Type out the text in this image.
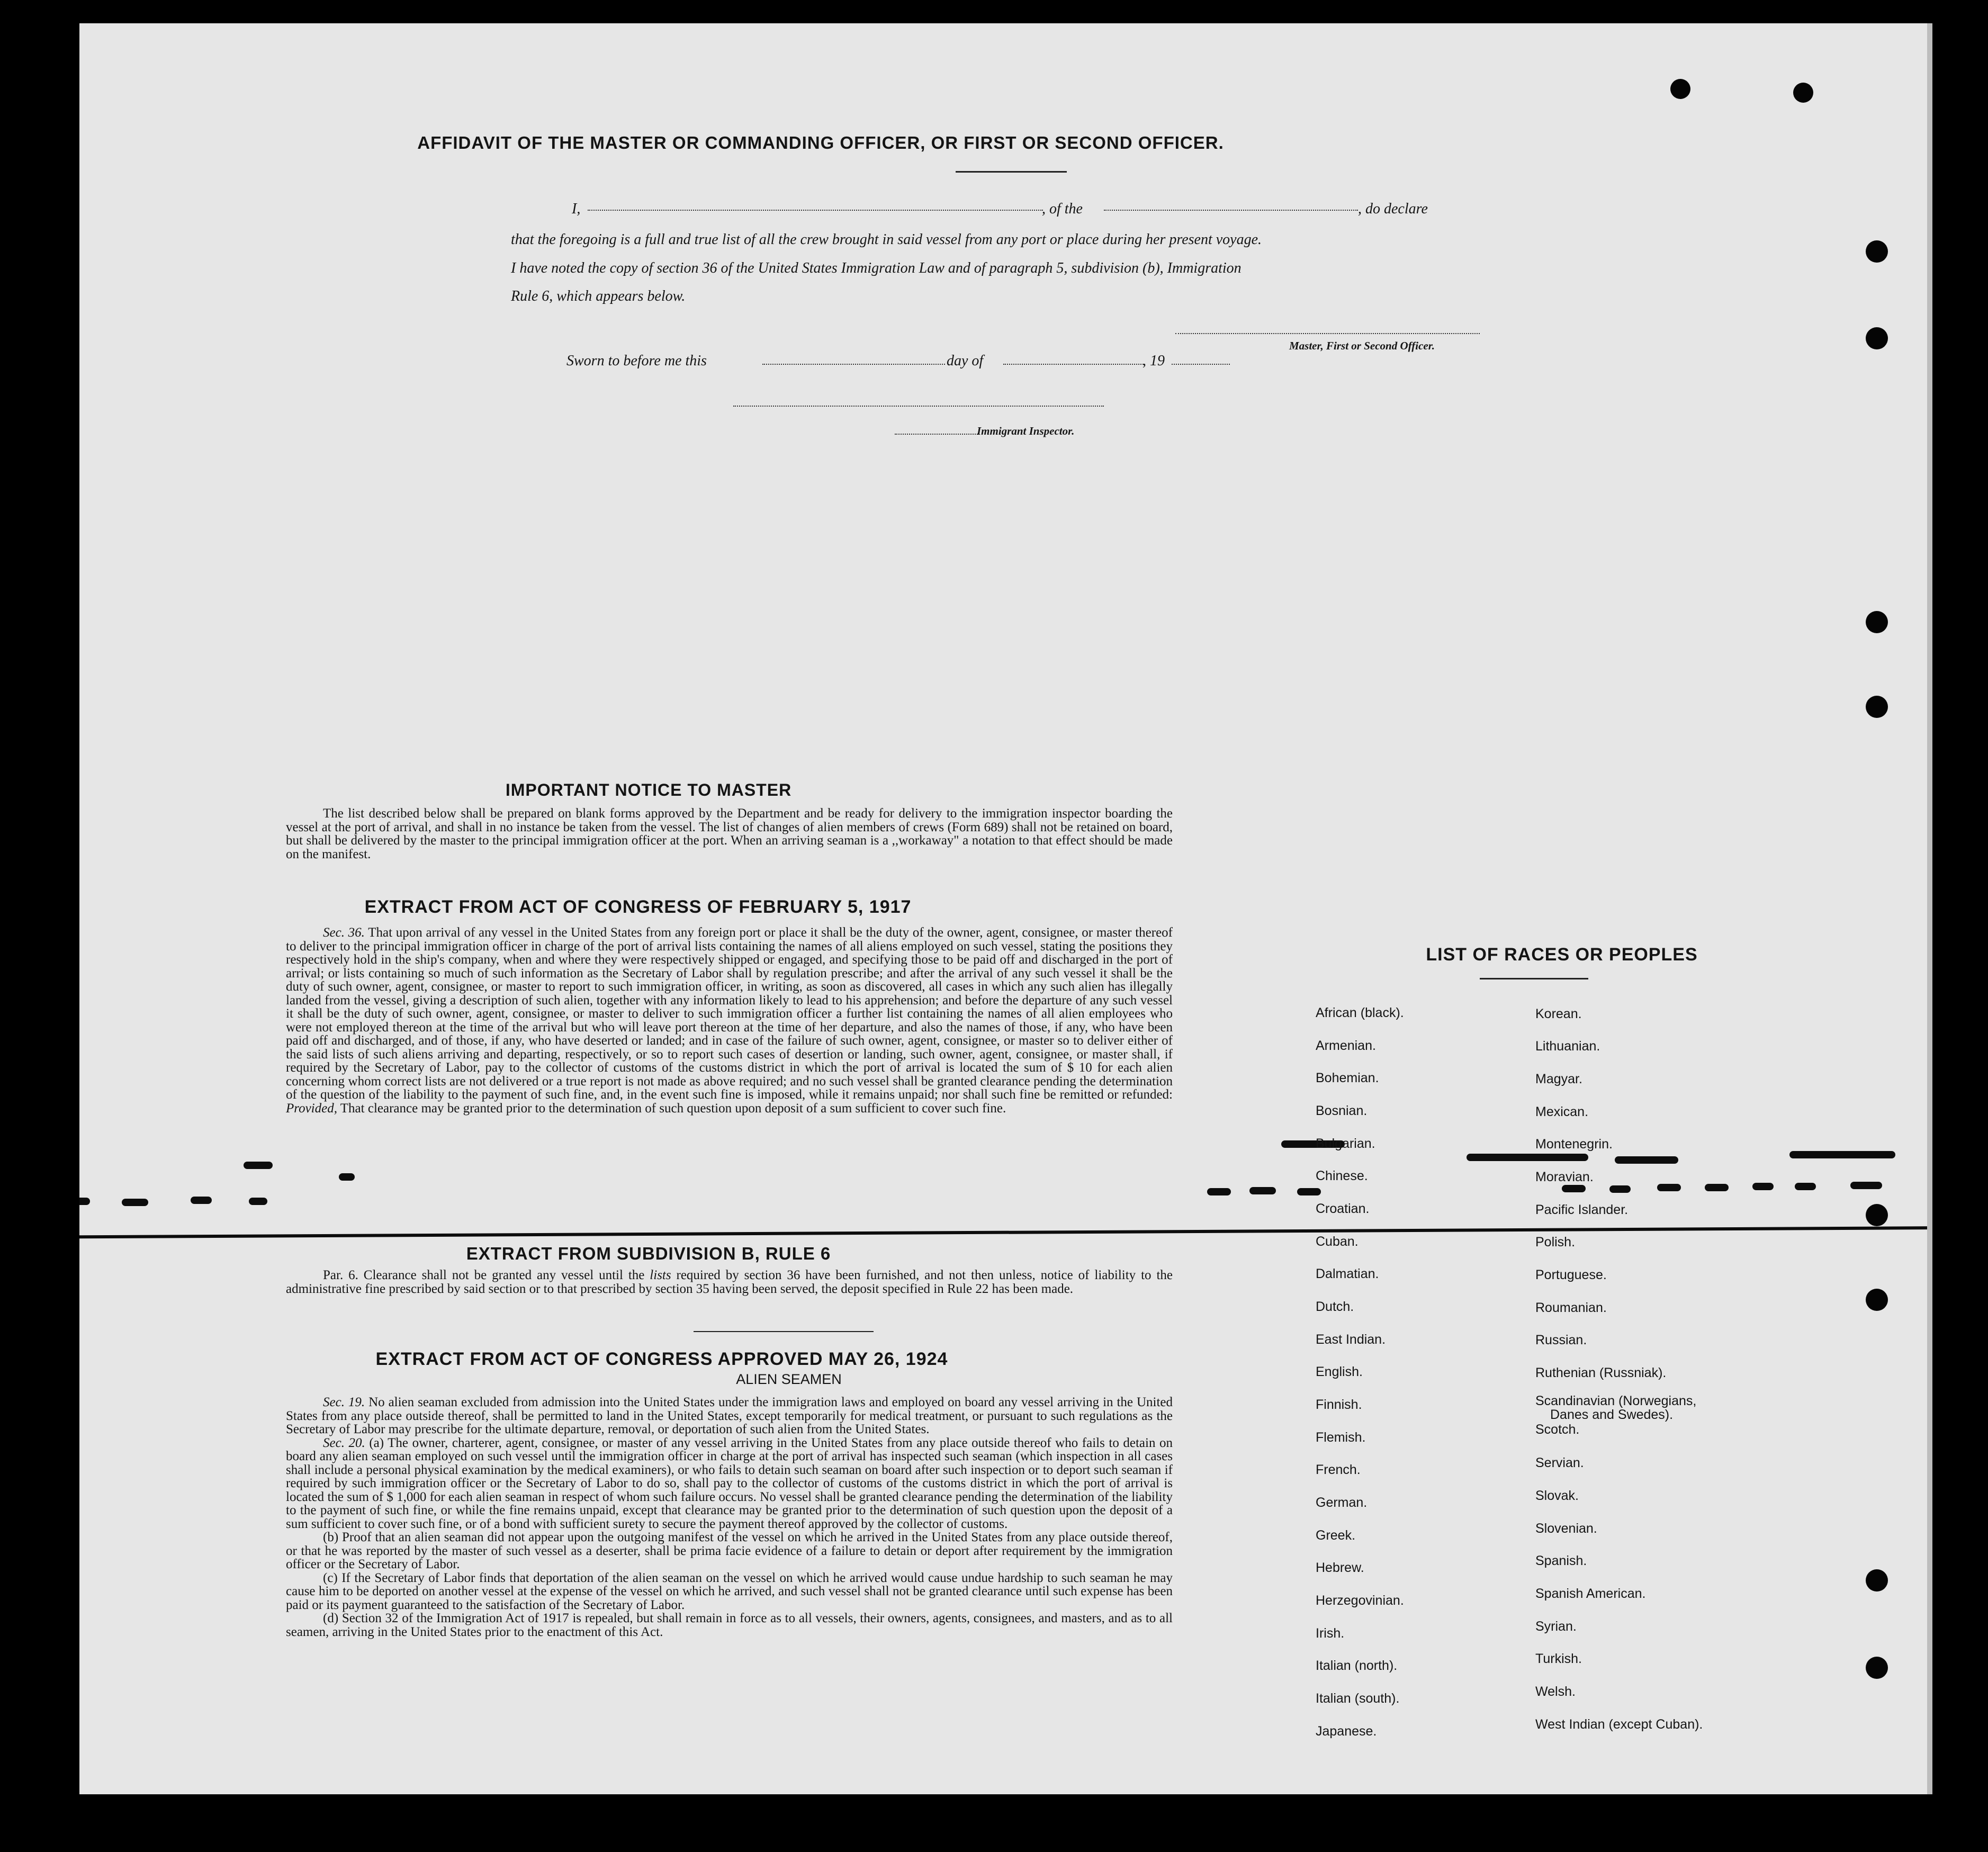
AFFIDAVIT OF THE MASTER OR COMMANDING OFFICER, OR FIRST OR SECOND OFFICER.
I,	, of the	, do declare
that the foregoing is a full and true list of all the crew brought in said vessel from any port or place during her present voyage.
I have noted the copy of section 36 of the United States Immigration Law and of paragraph 5, subdivision (b), Immigration
Rule 6, which appears below.
Master, First or Second Officer.
Sworn to before me this	day of	, 19
Immigrant Inspector.
IMPORTANT NOTICE TO MASTER

The list described below shall be prepared on blank forms approved by the Department and be ready for delivery to the immigration inspector boarding the vessel at the port of arrival, and shall in no instance be taken from the vessel. The list of changes of alien members of crews (Form 689) shall not be retained on board, but shall be delivered by the master to the principal immigration officer at the port. When an arriving seaman is a ,,workaway" a notation to that effect should be made on the manifest.

EXTRACT FROM ACT OF CONGRESS OF FEBRUARY 5, 1917

Sec. 36. That upon arrival of any vessel in the United States from any foreign port or place it shall be the duty of the owner, agent, consignee, or master thereof to deliver to the principal immigration officer in charge of the port of arrival lists containing the names of all aliens employed on such vessel, stating the positions they respectively hold in the ship's company, when and where they were respectively shipped or engaged, and specifying those to be paid off and discharged in the port of arrival; or lists containing so much of such information as the Secretary of Labor shall by regulation prescribe; and after the arrival of any such vessel it shall be the duty of such owner, agent, consignee, or master to report to such immigration officer, in writing, as soon as discovered, all cases in which any such alien has illegally landed from the vessel, giving a description of such alien, together with any information likely to lead to his apprehension; and before the departure of any such vessel it shall be the duty of such owner, agent, consignee, or master to deliver to such immigration officer a further list containing the names of all alien employees who were not employed thereon at the time of the arrival but who will leave port thereon at the time of her departure, and also the names of those, if any, who have been paid off and discharged, and of those, if any, who have deserted or landed; and in case of the failure of such owner, agent, consignee, or master so to deliver either of the said lists of such aliens arriving and departing, respectively, or so to report such cases of desertion or landing, such owner, agent, consignee, or master shall, if required by the Secretary of Labor, pay to the collector of customs of the customs district in which the port of arrival is located the sum of $ 10 for each alien concerning whom correct lists are not delivered or a true report is not made as above required; and no such vessel shall be granted clearance pending the determination of the question of the liability to the payment of such fine, and, in the event such fine is imposed, while it remains unpaid; nor shall such fine be remitted or refunded: Provided, That clearance may be granted prior to the determination of such question upon deposit of a sum sufficient to cover such fine.

EXTRACT FROM SUBDIVISION B, RULE 6

Par. 6. Clearance shall not be granted any vessel until the lists required by section 36 have been furnished, and not then unless, notice of liability to the administrative fine prescribed by said section or to that prescribed by section 35 having been served, the deposit specified in Rule 22 has been made.

EXTRACT FROM ACT OF CONGRESS APPROVED MAY 26, 1924
ALIEN SEAMEN

Sec. 19. No alien seaman excluded from admission into the United States under the immigration laws and employed on board any vessel arriving in the United States from any place outside thereof, shall be permitted to land in the United States, except temporarily for medical treatment, or pursuant to such regulations as the Secretary of Labor may prescribe for the ultimate departure, removal, or deportation of such alien from the United States.

Sec. 20. (a) The owner, charterer, agent, consignee, or master of any vessel arriving in the United States from any place outside thereof who fails to detain on board any alien seaman employed on such vessel until the immigration officer in charge at the port of arrival has inspected such seaman (which inspection in all cases shall include a personal physical examination by the medical examiners), or who fails to detain such seaman on board after such inspection or to deport such seaman if required by such immigration officer or the Secretary of Labor to do so, shall pay to the collector of customs of the customs district in which the port of arrival is located the sum of $ 1,000 for each alien seaman in respect of whom such failure occurs. No vessel shall be granted clearance pending the determination of the liability to the payment of such fine, or while the fine remains unpaid, except that clearance may be granted prior to the determination of such question upon the deposit of a sum sufficient to cover such fine, or of a bond with sufficient surety to secure the payment thereof approved by the collector of customs.

(b) Proof that an alien seaman did not appear upon the outgoing manifest of the vessel on which he arrived in the United States from any place outside thereof, or that he was reported by the master of such vessel as a deserter, shall be prima facie evidence of a failure to detain or deport after requirement by the immigration officer or the Secretary of Labor.

(c) If the Secretary of Labor finds that deportation of the alien seaman on the vessel on which he arrived would cause undue hardship to such seaman he may cause him to be deported on another vessel at the expense of the vessel on which he arrived, and such vessel shall not be granted clearance until such expense has been paid or its payment guaranteed to the satisfaction of the Secretary of Labor.

(d) Section 32 of the Immigration Act of 1917 is repealed, but shall remain in force as to all vessels, their owners, agents, consignees, and masters, and as to all seamen, arriving in the United States prior to the enactment of this Act.

LIST OF RACES OR PEOPLES
African (black).
Armenian.
Bohemian.
Bosnian.
Bulgarian.
Chinese.
Croatian.
Cuban.
Dalmatian.
Dutch.
East Indian.
English.
Finnish.
Flemish.
French.
German.
Greek.
Hebrew.
Herzegovinian.
Irish.
Italian (north).
Italian (south).
Japanese.
Korean.
Lithuanian.
Magyar.
Mexican.
Montenegrin.
Moravian.
Pacific Islander.
Polish.
Portuguese.
Roumanian.
Russian.
Ruthenian (Russniak).
Scandinavian (Norwegians,
Danes and Swedes).
Scotch.
Servian.
Slovak.
Slovenian.
Spanish.
Spanish American.
Syrian.
Turkish.
Welsh.
West Indian (except Cuban).
